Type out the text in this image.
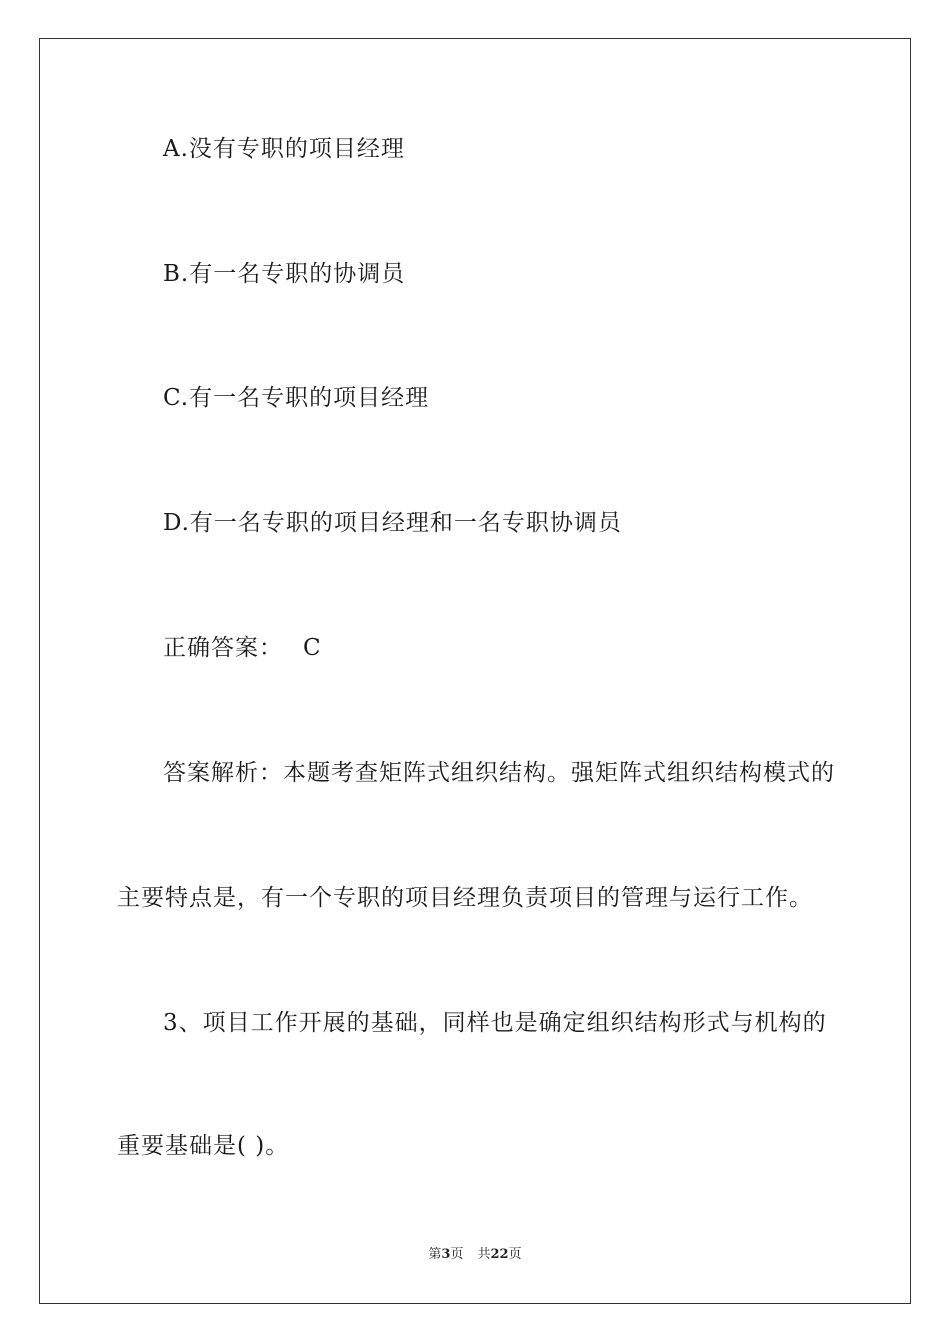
A.没有专职的项目经理
B.有一名专职的协调员
C.有一名专职的项目经理
D.有一名专职的项目经理和一名专职协调员
正确答案： C
答案解析：本题考查矩阵式组织结构。强矩阵式组织结构模式的
主要特点是，有一个专职的项目经理负责项目的管理与运行工作。
3、项目工作开展的基础，同样也是确定组织结构形式与机构的
重要基础是( )。
第3页 共22页
